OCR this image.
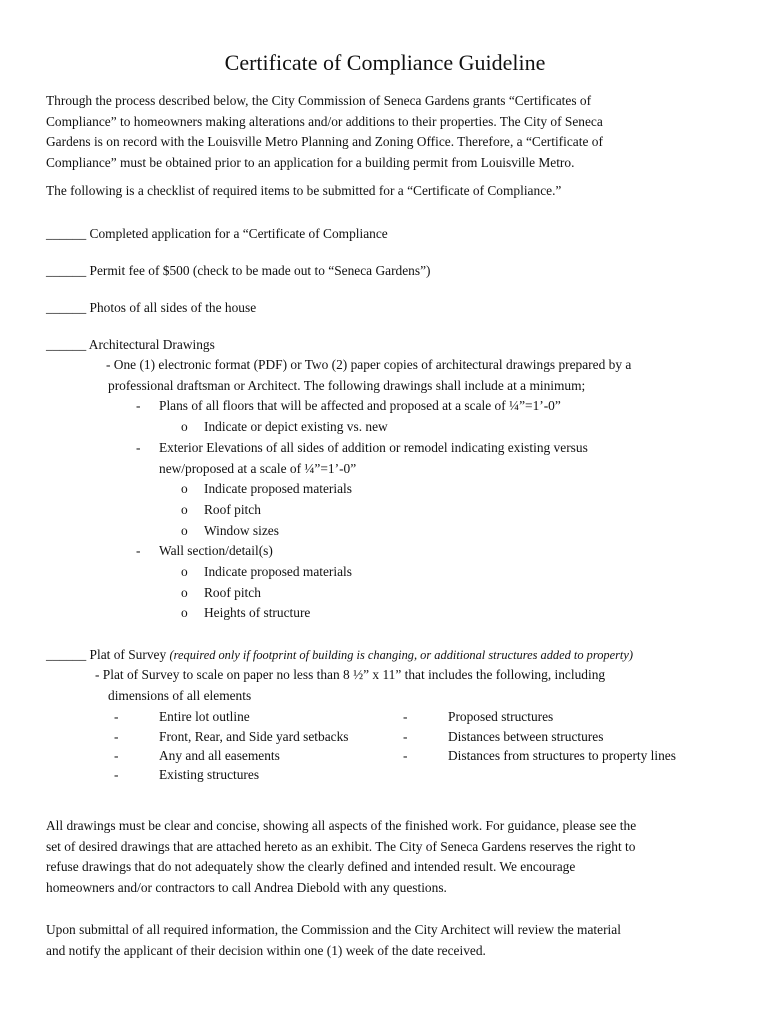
Certificate of Compliance Guideline
Through the process described below, the City Commission of Seneca Gardens grants “Certificates of
Compliance” to homeowners making alterations and/or additions to their properties. The City of Seneca
Gardens is on record with the Louisville Metro Planning and Zoning Office. Therefore, a “Certificate of
Compliance” must be obtained prior to an application for a building permit from Louisville Metro.
The following is a checklist of required items to be submitted for a “Certificate of Compliance.”
______ Completed application for a “Certificate of Compliance
______ Permit fee of $500 (check to be made out to “Seneca Gardens”)
______ Photos of all sides of the house
______ Architectural Drawings
- One (1) electronic format (PDF) or Two (2) paper copies of architectural drawings prepared by a
professional draftsman or Architect. The following drawings shall include at a minimum;
- Plans of all floors that will be affected and proposed at a scale of ¼”=1’-0”
o Indicate or depict existing vs. new
- Exterior Elevations of all sides of addition or remodel indicating existing versus
new/proposed at a scale of ¼”=1’-0”
o Indicate proposed materials
o Roof pitch
o Window sizes
- Wall section/detail(s)
o Indicate proposed materials
o Roof pitch
o Heights of structure
______ Plat of Survey (required only if footprint of building is changing, or additional structures added to property)
- Plat of Survey to scale on paper no less than 8 ½” x 11” that includes the following, including
dimensions of all elements
-	Entire lot outline
-	Front, Rear, and Side yard setbacks
-	Any and all easements
-	Existing structures
-	Proposed structures
-	Distances between structures
-	Distances from structures to property lines
All drawings must be clear and concise, showing all aspects of the finished work. For guidance, please see the
set of desired drawings that are attached hereto as an exhibit. The City of Seneca Gardens reserves the right to
refuse drawings that do not adequately show the clearly defined and intended result. We encourage
homeowners and/or contractors to call Andrea Diebold with any questions.
Upon submittal of all required information, the Commission and the City Architect will review the material
and notify the applicant of their decision within one (1) week of the date received.
